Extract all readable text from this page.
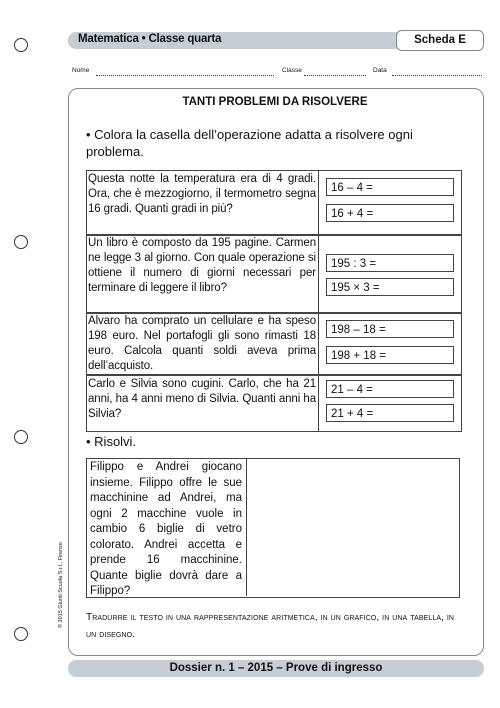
Matematica • Classe quarta	Scheda E
Nome	Classe	Data
TANTI PROBLEMI DA RISOLVERE
• Colora la casella dell’operazione adatta a risolvere ogni problema.
Questa notte la temperatura era di 4 gradi. Ora, che è mezzogiorno, il termometro segna 16 gradi. Quanti gradi in più?
16 – 4 =
16 + 4 =
Un libro è composto da 195 pagine. Carmen ne legge 3 al giorno. Con quale operazione si ottiene il numero di giorni necessari per terminare di leggere il libro?
195 : 3 =
195 × 3 =
Alvaro ha comprato un cellulare e ha speso 198 euro. Nel portafogli gli sono rimasti 18 euro. Calcola quanti soldi aveva prima dell’acquisto.
198 – 18 =
198 + 18 =
Carlo e Silvia sono cugini. Carlo, che ha 21 anni, ha 4 anni meno di Silvia. Quanti anni ha Silvia?
21 – 4 =
21 + 4 =
• Risolvi.
Filippo e Andrei giocano insieme. Filippo offre le sue macchinine ad Andrei, ma ogni 2 macchine vuole in cambio 6 biglie di vetro colorato. Andrei accetta e prende 16 macchinine. Quante biglie dovrà dare a Filippo?
Tradurre il testo in una rappresentazione aritmetica, in un grafico, in una tabella, in un disegno.
© 2015 Giunti Scuola S.r.l., Firenze
Dossier n. 1 – 2015 – Prove di ingresso
